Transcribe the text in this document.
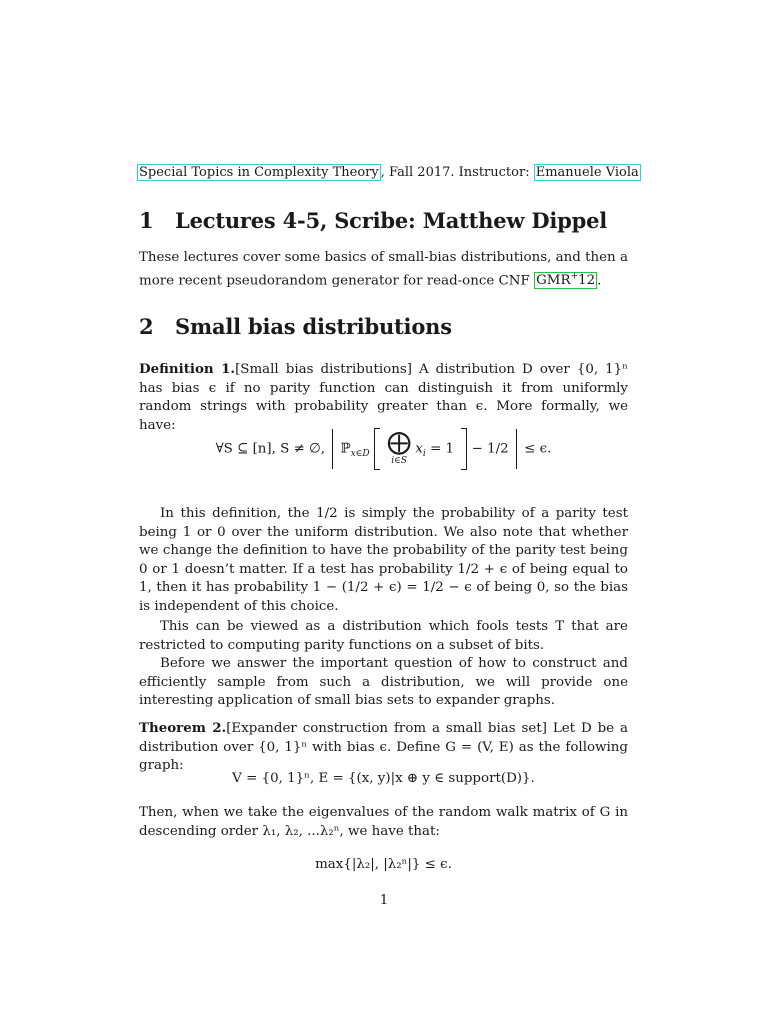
Special Topics in Complexity Theory , Fall 2017. Instructor: Emanuele Viola
1 Lectures 4-5, Scribe: Matthew Dippel
These lectures cover some basics of small-bias distributions, and then a more recent pseudorandom generator for read-once CNF GMR+12 .
2 Small bias distributions
Definition 1.[Small bias distributions] A distribution D over {0, 1}ⁿ has bias ϵ if no parity function can distinguish it from uniformly random strings with probability greater than ϵ. More formally, we have:
∀S ⊆ [n], S ≠ ∅, ℙ$_{x\in D}$ ⨁
i∈S
$x_i = 1 - 1/2 \le \epsilon$.
In this definition, the 1/2 is simply the probability of a parity test being 1 or 0 over the uniform distribution. We also note that whether we change the definition to have the probability of the parity test being 0 or 1 doesn’t matter. If a test has probability 1/2 + ϵ of being equal to 1, then it has probability 1 − (1/2 + ϵ) = 1/2 − ϵ of being 0, so the bias is independent of this choice.
This can be viewed as a distribution which fools tests T that are restricted to computing parity functions on a subset of bits.
Before we answer the important question of how to construct and efficiently sample from such a distribution, we will provide one interesting application of small bias sets to expander graphs.
Theorem 2.[Expander construction from a small bias set] Let D be a distribution over {0, 1}ⁿ with bias ϵ. Define G = (V, E) as the following graph:
V = {0, 1}ⁿ, E = {(x, y)|x ⊕ y ∈ support(D)}.
Then, when we take the eigenvalues of the random walk matrix of G in descending order λ₁, λ₂, ...λ₂ⁿ, we have that:
max{|λ₂|, |λ₂ⁿ|} ≤ ϵ.
1
